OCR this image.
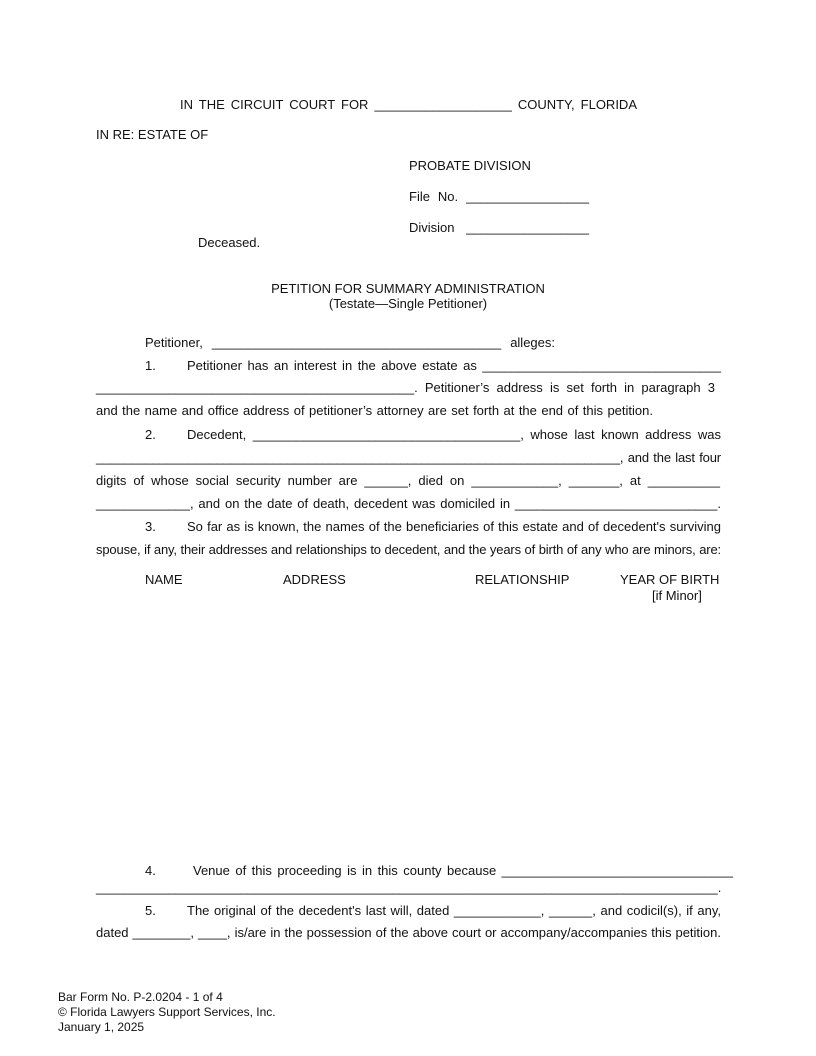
IN THE CIRCUIT COURT FOR ___________________ COUNTY, FLORIDA
IN RE: ESTATE OF
PROBATE DIVISION
File No. _________________
Division _________________
Deceased.
PETITION FOR SUMMARY ADMINISTRATION
(Testate—Single Petitioner)
Petitioner, ________________________________________ alleges:
1. Petitioner has an interest in the above estate as _________________________________
____________________________________________. Petitioner’s address is set forth in paragraph 3
and the name and office address of petitioner’s attorney are set forth at the end of this petition.
2. Decedent, _____________________________________, whose last known address was
__________________________________________________________________________, and the last four
digits of whose social security number are ______, died on ____________, _______, at __________
_____________, and on the date of death, decedent was domiciled in ____________________________.
3. So far as is known, the names of the beneficiaries of this estate and of decedent's surviving
spouse, if any, their addresses and relationships to decedent, and the years of birth of any who are minors, are:
NAME	ADDRESS	RELATIONSHIP	YEAR OF BIRTH
[if Minor]
4.	Venue of this proceeding is in this county because ________________________________
______________________________________________________________________________________.
5. The original of the decedent's last will, dated ____________, ______, and codicil(s), if any,
dated ________, ____, is/are in the possession of the above court or accompany/accompanies this petition.
Bar Form No. P-2.0204 - 1 of 4
© Florida Lawyers Support Services, Inc.
January 1, 2025
